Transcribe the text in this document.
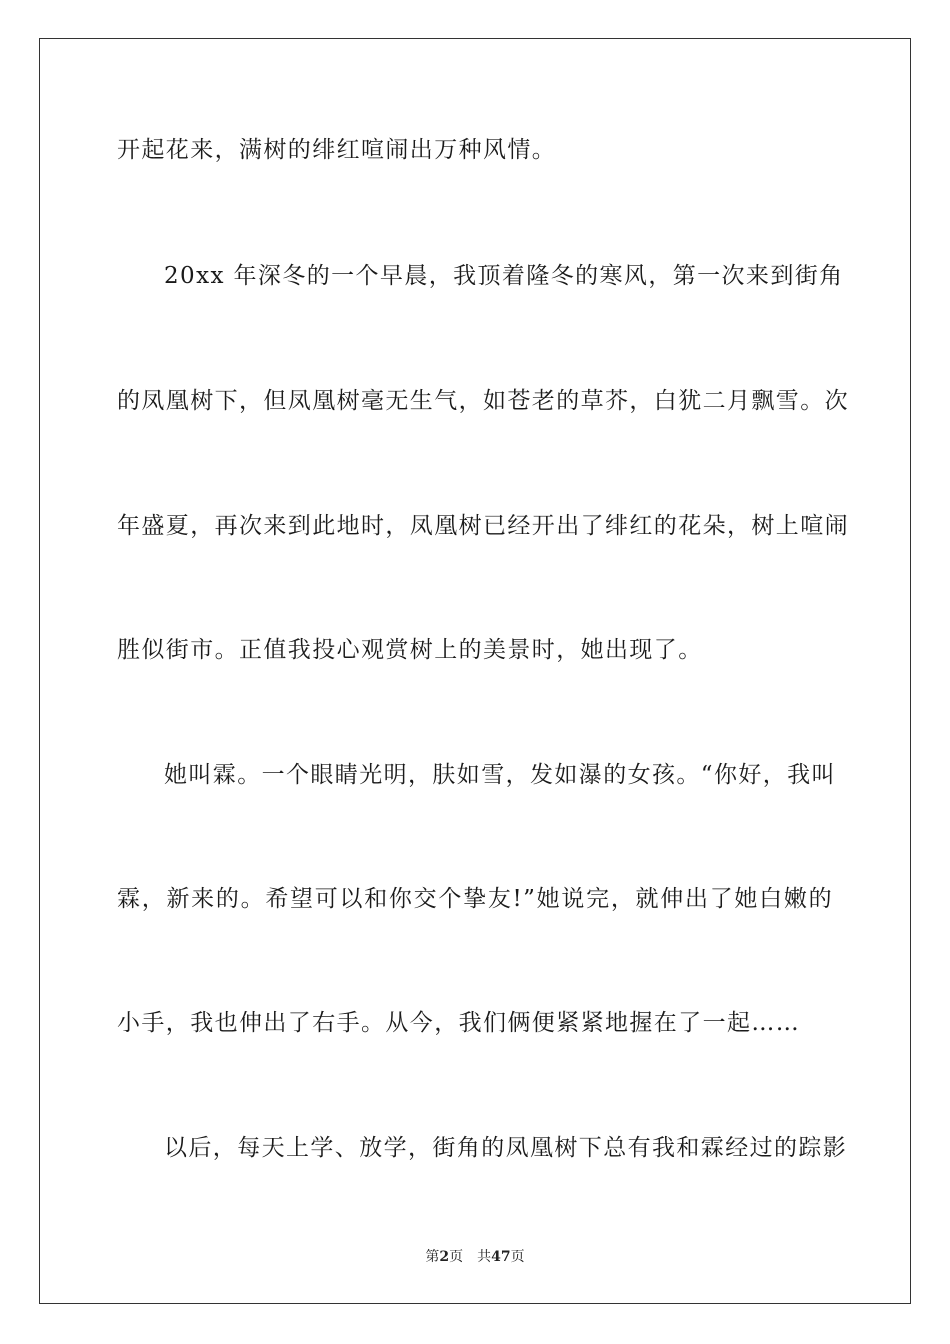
开起花来，满树的绯红喧闹出万种风情。
20xx 年深冬的一个早晨，我顶着隆冬的寒风，第一次来到街角
的凤凰树下，但凤凰树毫无生气，如苍老的草芥，白犹二月飘雪。次
年盛夏，再次来到此地时，凤凰树已经开出了绯红的花朵，树上喧闹
胜似街市。正值我投心观赏树上的美景时，她出现了。
她叫霖。一个眼睛光明，肤如雪，发如瀑的女孩。“你好，我叫
霖，新来的。希望可以和你交个挚友!”她说完，就伸出了她白嫩的
小手，我也伸出了右手。从今，我们俩便紧紧地握在了一起……
以后，每天上学、放学，街角的凤凰树下总有我和霖经过的踪影
第2页 共47页
